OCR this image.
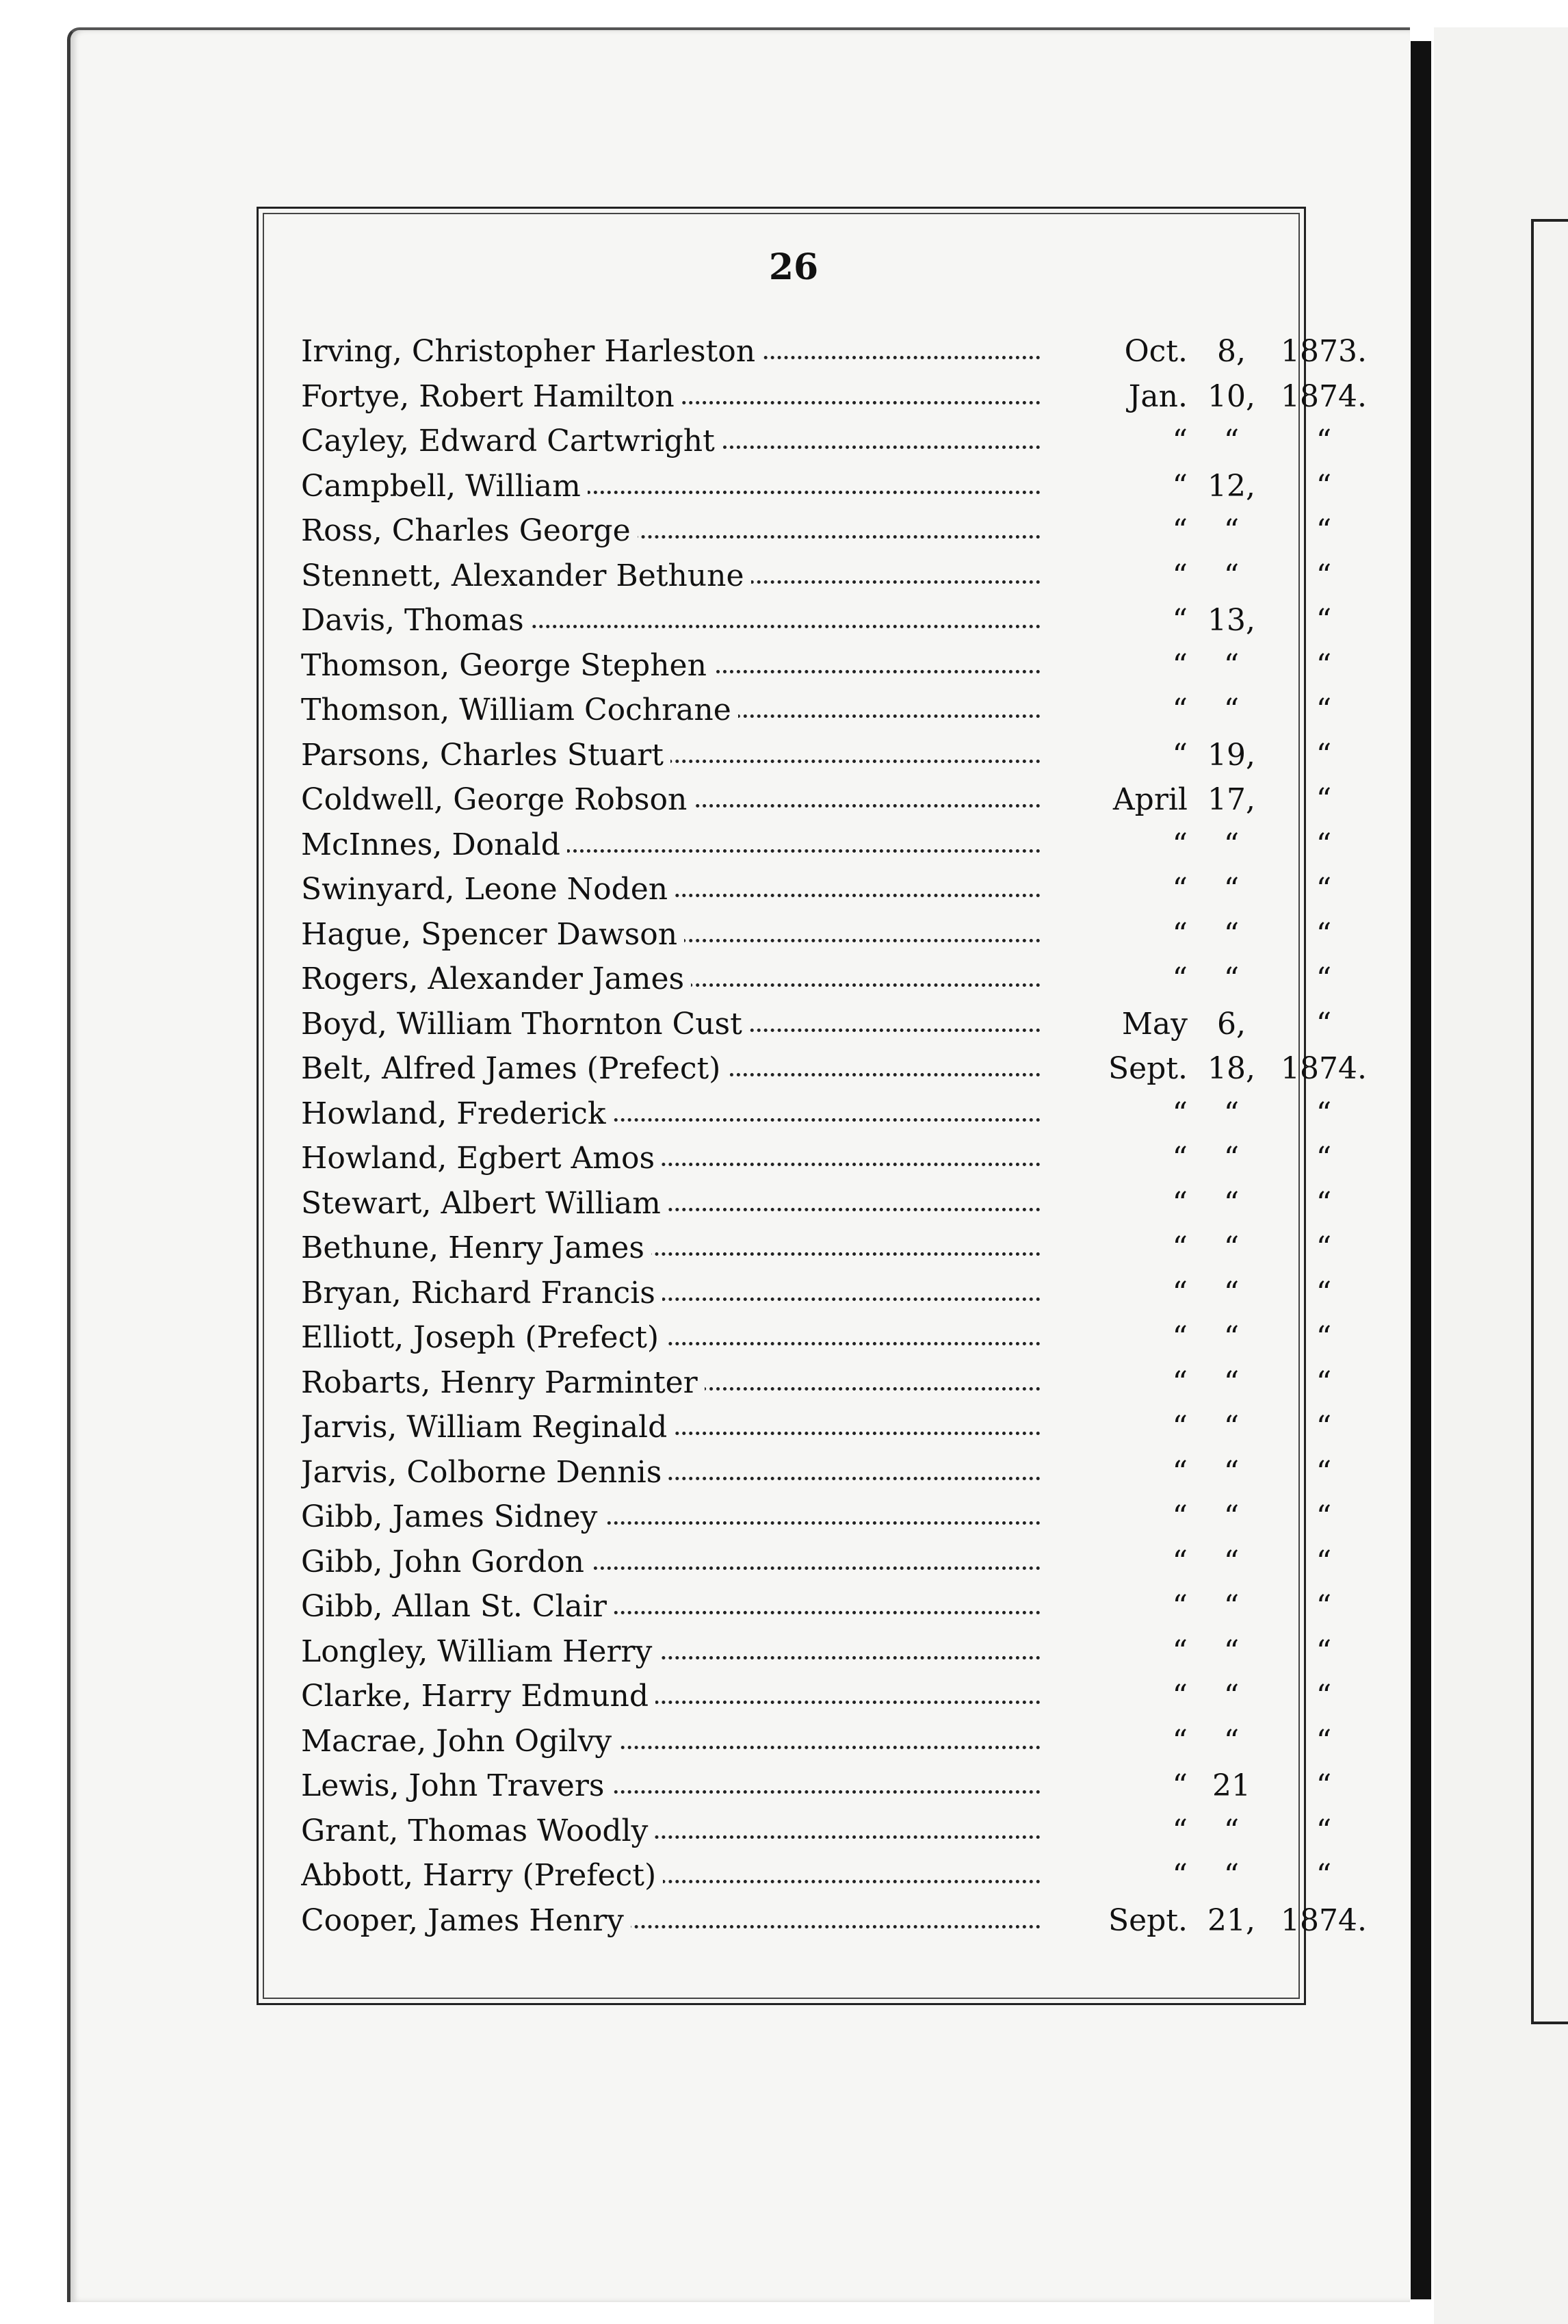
26
Irving, Christopher Harleston	Oct. 8,	1873.
Fortye, Robert Hamilton	Jan. 10, 1874.
Cayley, Edward Cartwright	“	“	“
Campbell, William	“ 12,	“
Ross, Charles George	“	“	“
Stennett, Alexander Bethune	“	“	“
Davis, Thomas	“ 13,	“
Thomson, George Stephen	“	“	“
Thomson, William Cochrane	“	“	“
Parsons, Charles Stuart	“ 19,	“
Coldwell, George Robson	April 17,	“
McInnes, Donald	“	“	“
Swinyard, Leone Noden	“	“	“
Hague, Spencer Dawson	“	“	“
Rogers, Alexander James	“	“	“
Boyd, William Thornton Cust	May 6,	“
Belt, Alfred James (Prefect)	Sept. 18, 1874.
Howland, Frederick	“	“	“
Howland, Egbert Amos	“	“	“
Stewart, Albert William	“	“	“
Bethune, Henry James	“	“	“
Bryan, Richard Francis	“	“	“
Elliott, Joseph (Prefect)	“	“	“
Robarts, Henry Parminter	“	“	“
Jarvis, William Reginald	“	“	“
Jarvis, Colborne Dennis	“	“	“
Gibb, James Sidney	“	“	“
Gibb, John Gordon	“	“	“
Gibb, Allan St. Clair	“	“	“
Longley, William Herry	“	“	“
Clarke, Harry Edmund	“	“	“
Macrae, John Ogilvy	“	“	“
Lewis, John Travers	“ 21	“
Grant, Thomas Woodly	“	“	“
Abbott, Harry (Prefect)	“	“	“
Cooper, James Henry	Sept. 21, 1874.
